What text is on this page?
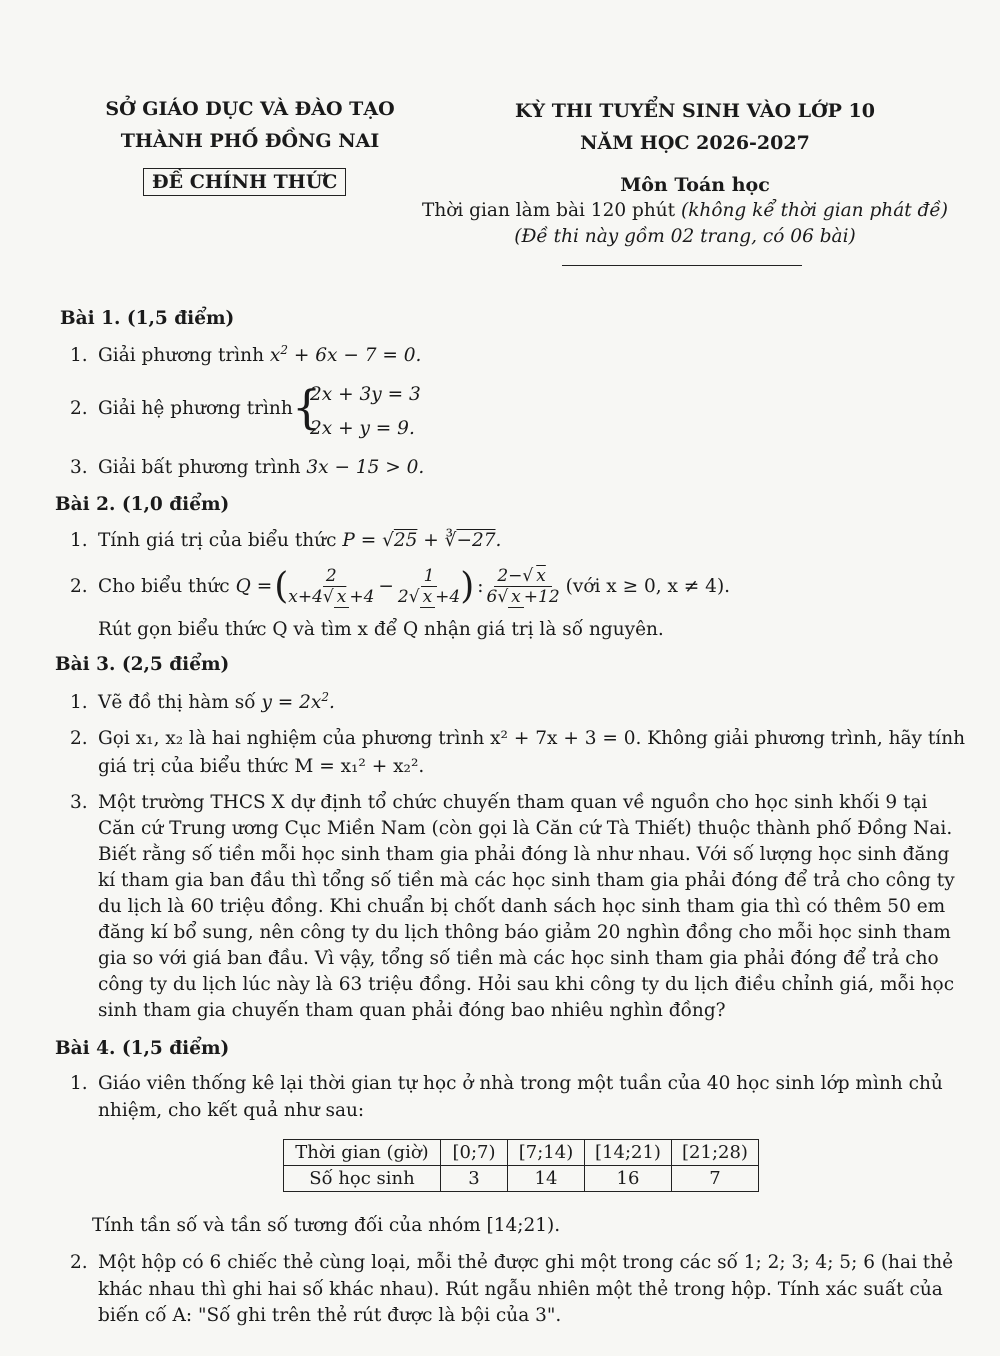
SỞ GIÁO DỤC VÀ ĐÀO TẠO
THÀNH PHỐ ĐỒNG NAI
ĐỀ CHÍNH THỨC
KỲ THI TUYỂN SINH VÀO LỚP 10
NĂM HỌC 2026-2027
Môn Toán học
Thời gian làm bài 120 phút (không kể thời gian phát đề)
(Đề thi này gồm 02 trang, có 06 bài)
Bài 1. (1,5 điểm)
1. Giải phương trình $x^2 + 6x - 7 = 0$.
2. Giải hệ phương trình {
2x + 3y = 3
2x + y = 9.
3. Giải bất phương trình 3x − 15 > 0.
Bài 2. (1,0 điểm)
1. Tính giá trị của biểu thức P = √25 + ∛−27.
2. Cho biểu thức Q = ( $\frac{2}{x+4√ x +4} - \frac{1}{2√ x +4}$ ) : $\frac{2-√ x}{6√ x +12}$ (với x ≥ 0, x ≠ 4).
Rút gọn biểu thức Q và tìm x để Q nhận giá trị là số nguyên.
Bài 3. (2,5 điểm)
1. Vẽ đồ thị hàm số $y = 2x^2$.
2. Gọi x₁, x₂ là hai nghiệm của phương trình x² + 7x + 3 = 0. Không giải phương trình, hãy tính
giá trị của biểu thức M = x₁² + x₂².
3. Một trường THCS X dự định tổ chức chuyến tham quan về nguồn cho học sinh khối 9 tại
Căn cứ Trung ương Cục Miền Nam (còn gọi là Căn cứ Tà Thiết) thuộc thành phố Đồng Nai.
Biết rằng số tiền mỗi học sinh tham gia phải đóng là như nhau. Với số lượng học sinh đăng
kí tham gia ban đầu thì tổng số tiền mà các học sinh tham gia phải đóng để trả cho công ty
du lịch là 60 triệu đồng. Khi chuẩn bị chốt danh sách học sinh tham gia thì có thêm 50 em
đăng kí bổ sung, nên công ty du lịch thông báo giảm 20 nghìn đồng cho mỗi học sinh tham
gia so với giá ban đầu. Vì vậy, tổng số tiền mà các học sinh tham gia phải đóng để trả cho
công ty du lịch lúc này là 63 triệu đồng. Hỏi sau khi công ty du lịch điều chỉnh giá, mỗi học
sinh tham gia chuyến tham quan phải đóng bao nhiêu nghìn đồng?
Bài 4. (1,5 điểm)
1. Giáo viên thống kê lại thời gian tự học ở nhà trong một tuần của 40 học sinh lớp mình chủ
nhiệm, cho kết quả như sau:
Thời gian (giờ)	[0;7)	[7;14)	[14;21)	[21;28)
Số học sinh	3	14	16	7
Tính tần số và tần số tương đối của nhóm [14;21).
2. Một hộp có 6 chiếc thẻ cùng loại, mỗi thẻ được ghi một trong các số 1; 2; 3; 4; 5; 6 (hai thẻ
khác nhau thì ghi hai số khác nhau). Rút ngẫu nhiên một thẻ trong hộp. Tính xác suất của
biến cố A: "Số ghi trên thẻ rút được là bội của 3".
